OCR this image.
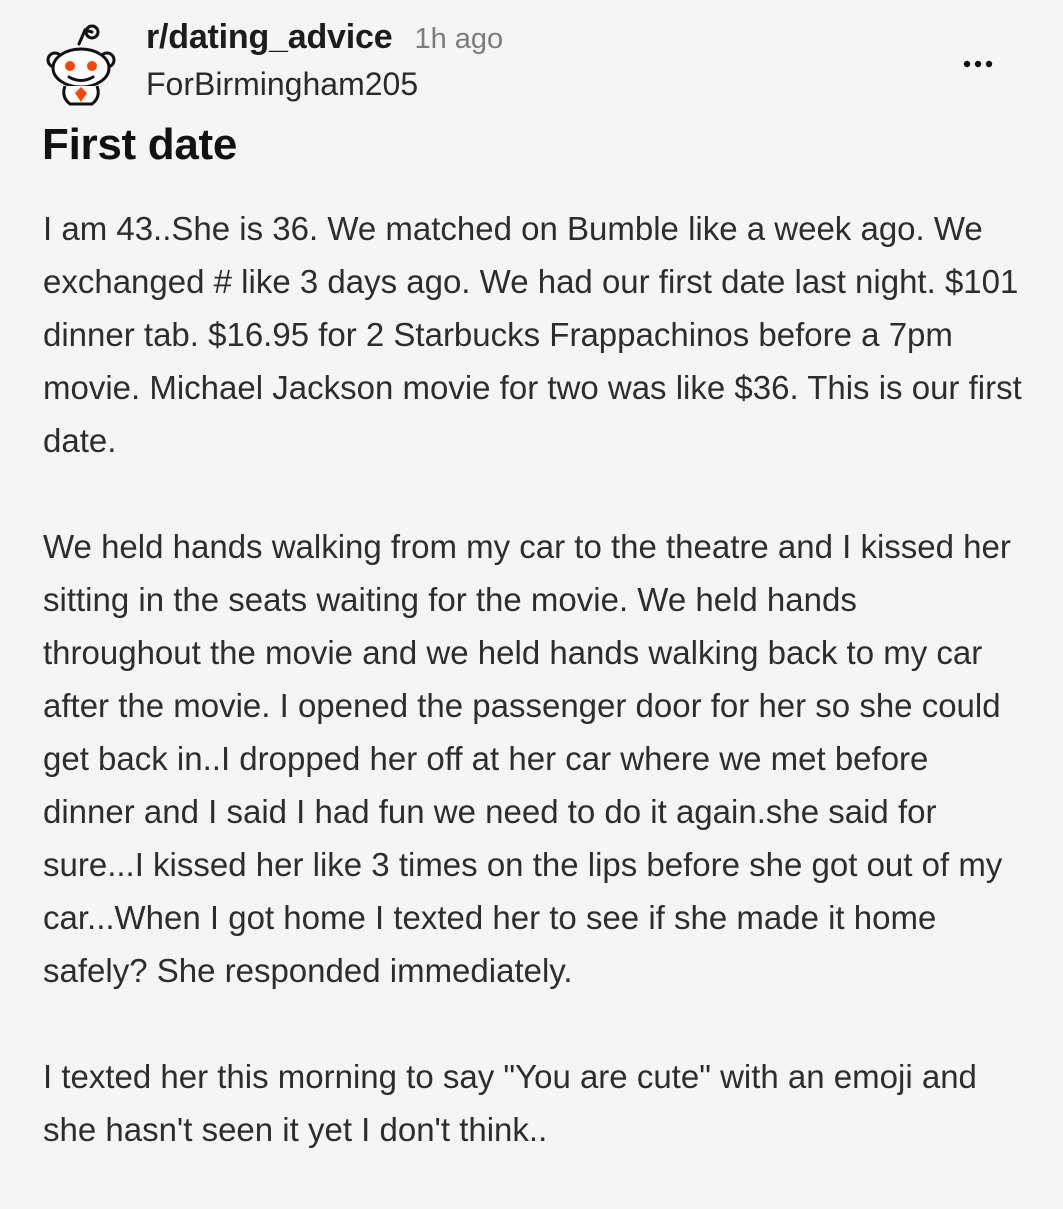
r/dating_advice 1h ago
ForBirmingham205
First date

I am 43..She is 36. We matched on Bumble like a week ago. We exchanged # like 3 days ago. We had our first date last night. $101 dinner tab. $16.95 for 2 Starbucks Frappachinos before a 7pm movie. Michael Jackson movie for two was like $36. This is our first date.

We held hands walking from my car to the theatre and I kissed her sitting in the seats waiting for the movie. We held hands throughout the movie and we held hands walking back to my car after the movie. I opened the passenger door for her so she could get back in..I dropped her off at her car where we met before dinner and I said I had fun we need to do it again.she said for sure...I kissed her like 3 times on the lips before she got out of my car...When I got home I texted her to see if she made it home safely? She responded immediately.

I texted her this morning to say "You are cute" with an emoji and she hasn't seen it yet I don't think..
